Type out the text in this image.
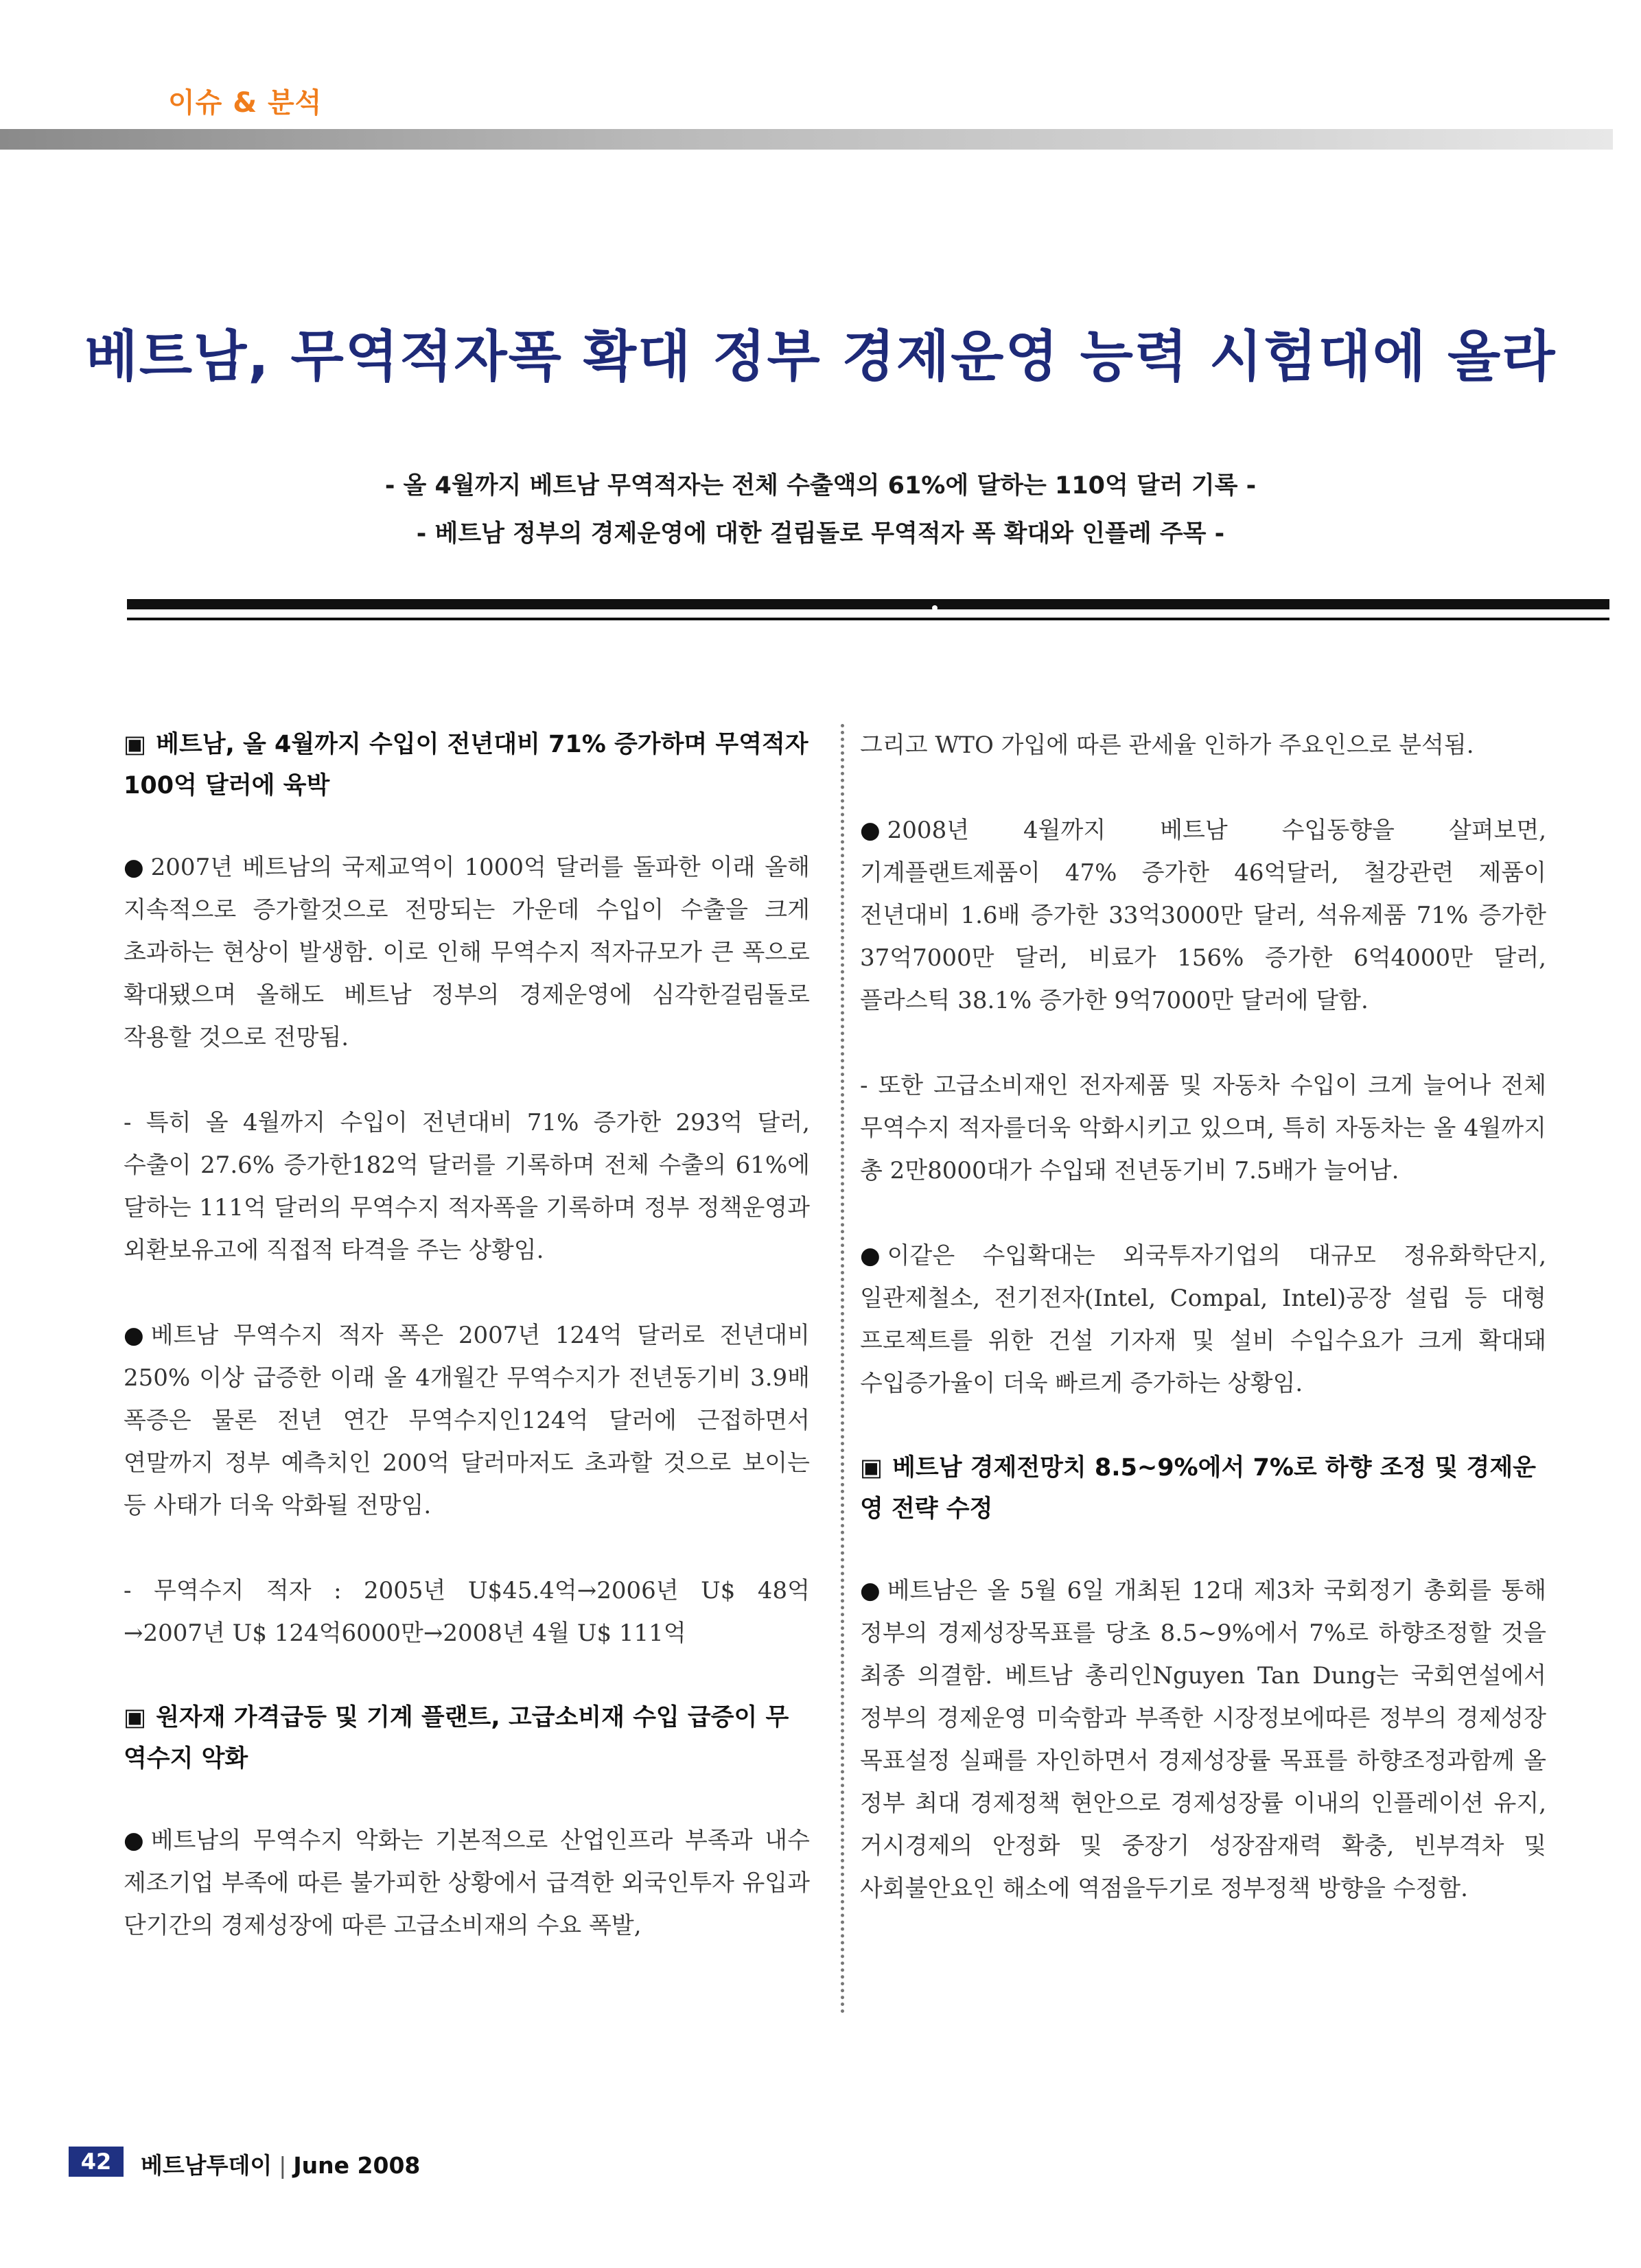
이슈 & 분석
베트남, 무역적자폭 확대 정부 경제운영 능력 시험대에 올라
- 올 4월까지 베트남 무역적자는 전체 수출액의 61%에 달하는 110억 달러 기록 -
- 베트남 정부의 경제운영에 대한 걸림돌로 무역적자 폭 확대와 인플레 주목 -
▣ 베트남, 올 4월까지 수입이 전년대비 71% 증가하며 무역적자 100억 달러에 육박

● 2007년 베트남의 국제교역이 1000억 달러를 돌파한 이래 올해 지속적으로 증가할것으로 전망되는 가운데 수입이 수출을 크게 초과하는 현상이 발생함. 이로 인해 무역수지 적자규모가 큰 폭으로 확대됐으며 올해도 베트남 정부의 경제운영에 심각한걸림돌로 작용할 것으로 전망됨.

- 특히 올 4월까지 수입이 전년대비 71% 증가한 293억 달러, 수출이 27.6% 증가한182억 달러를 기록하며 전체 수출의 61%에 달하는 111억 달러의 무역수지 적자폭을 기록하며 정부 정책운영과 외환보유고에 직접적 타격을 주는 상황임.

● 베트남 무역수지 적자 폭은 2007년 124억 달러로 전년대비 250% 이상 급증한 이래 올 4개월간 무역수지가 전년동기비 3.9배 폭증은 물론 전년 연간 무역수지인124억 달러에 근접하면서 연말까지 정부 예측치인 200억 달러마저도 초과할 것으로 보이는 등 사태가 더욱 악화될 전망임.

- 무역수지 적자 : 2005년 U$45.4억→2006년 U$ 48억 →2007년 U$ 124억6000만→2008년 4월 U$ 111억

▣ 원자재 가격급등 및 기계 플랜트, 고급소비재 수입 급증이 무역수지 악화

● 베트남의 무역수지 악화는 기본적으로 산업인프라 부족과 내수 제조기업 부족에 따른 불가피한 상황에서 급격한 외국인투자 유입과 단기간의 경제성장에 따른 고급소비재의 수요 폭발,

그리고 WTO 가입에 따른 관세율 인하가 주요인으로 분석됨.

● 2008년 4월까지 베트남 수입동향을 살펴보면, 기계플랜트제품이 47% 증가한 46억달러, 철강관련 제품이 전년대비 1.6배 증가한 33억3000만 달러, 석유제품 71% 증가한 37억7000만 달러, 비료가 156% 증가한 6억4000만 달러, 플라스틱 38.1% 증가한 9억7000만 달러에 달함.

- 또한 고급소비재인 전자제품 및 자동차 수입이 크게 늘어나 전체 무역수지 적자를더욱 악화시키고 있으며, 특히 자동차는 올 4월까지 총 2만8000대가 수입돼 전년동기비 7.5배가 늘어남.

● 이같은 수입확대는 외국투자기업의 대규모 정유화학단지, 일관제철소, 전기전자(Intel, Compal, Intel)공장 설립 등 대형 프로젝트를 위한 건설 기자재 및 설비 수입수요가 크게 확대돼 수입증가율이 더욱 빠르게 증가하는 상황임.

▣ 베트남 경제전망치 8.5~9%에서 7%로 하향 조정 및 경제운영 전략 수정

● 베트남은 올 5월 6일 개최된 12대 제3차 국회정기 총회를 통해 정부의 경제성장목표를 당초 8.5~9%에서 7%로 하향조정할 것을 최종 의결함. 베트남 총리인Nguyen Tan Dung는 국회연설에서 정부의 경제운영 미숙함과 부족한 시장정보에따른 정부의 경제성장 목표설정 실패를 자인하면서 경제성장률 목표를 하향조정과함께 올 정부 최대 경제정책 현안으로 경제성장률 이내의 인플레이션 유지, 거시경제의 안정화 및 중장기 성장잠재력 확충, 빈부격차 및 사회불안요인 해소에 역점을두기로 정부정책 방향을 수정함.

42	베트남투데이 | June 2008
